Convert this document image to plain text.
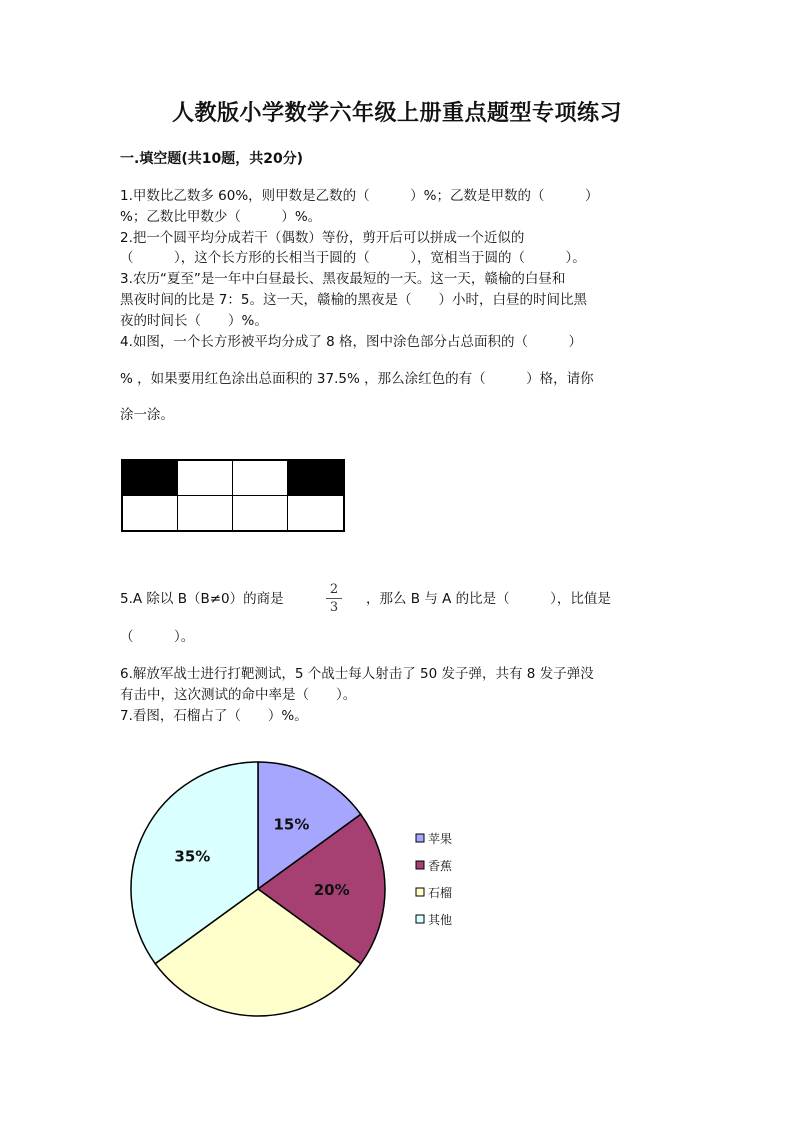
人教版小学数学六年级上册重点题型专项练习
一.填空题(共10题，共20分)
1.甲数比乙数多 60%，则甲数是乙数的（　　　）%；乙数是甲数的（　　　）
%；乙数比甲数少（　　　）%。
2.把一个圆平均分成若干（偶数）等份，剪开后可以拼成一个近似的
（　　　），这个长方形的长相当于圆的（　　　），宽相当于圆的（　　　）。
3.农历“夏至”是一年中白昼最长、黑夜最短的一天。这一天，赣榆的白昼和
黑夜时间的比是 7：5。这一天，赣榆的黑夜是（　　）小时，白昼的时间比黑
夜的时间长（　　）%。
4.如图，一个长方形被平均分成了 8 格，图中涂色部分占总面积的（　　　）
% ，如果要用红色涂出总面积的 37.5% ，那么涂红色的有（　　　）格，请你
涂一涂。
5.A 除以 B（B≠0）的商是
2
3
，那么 B 与 A 的比是（　　　），比值是
（　　　）。
6.解放军战士进行打靶测试，5 个战士每人射击了 50 发子弹，共有 8 发子弹没
有击中，这次测试的命中率是（　　）。
7.看图，石榴占了（　　）%。
15%
20%
35%
苹果
香蕉
石榴
其他
